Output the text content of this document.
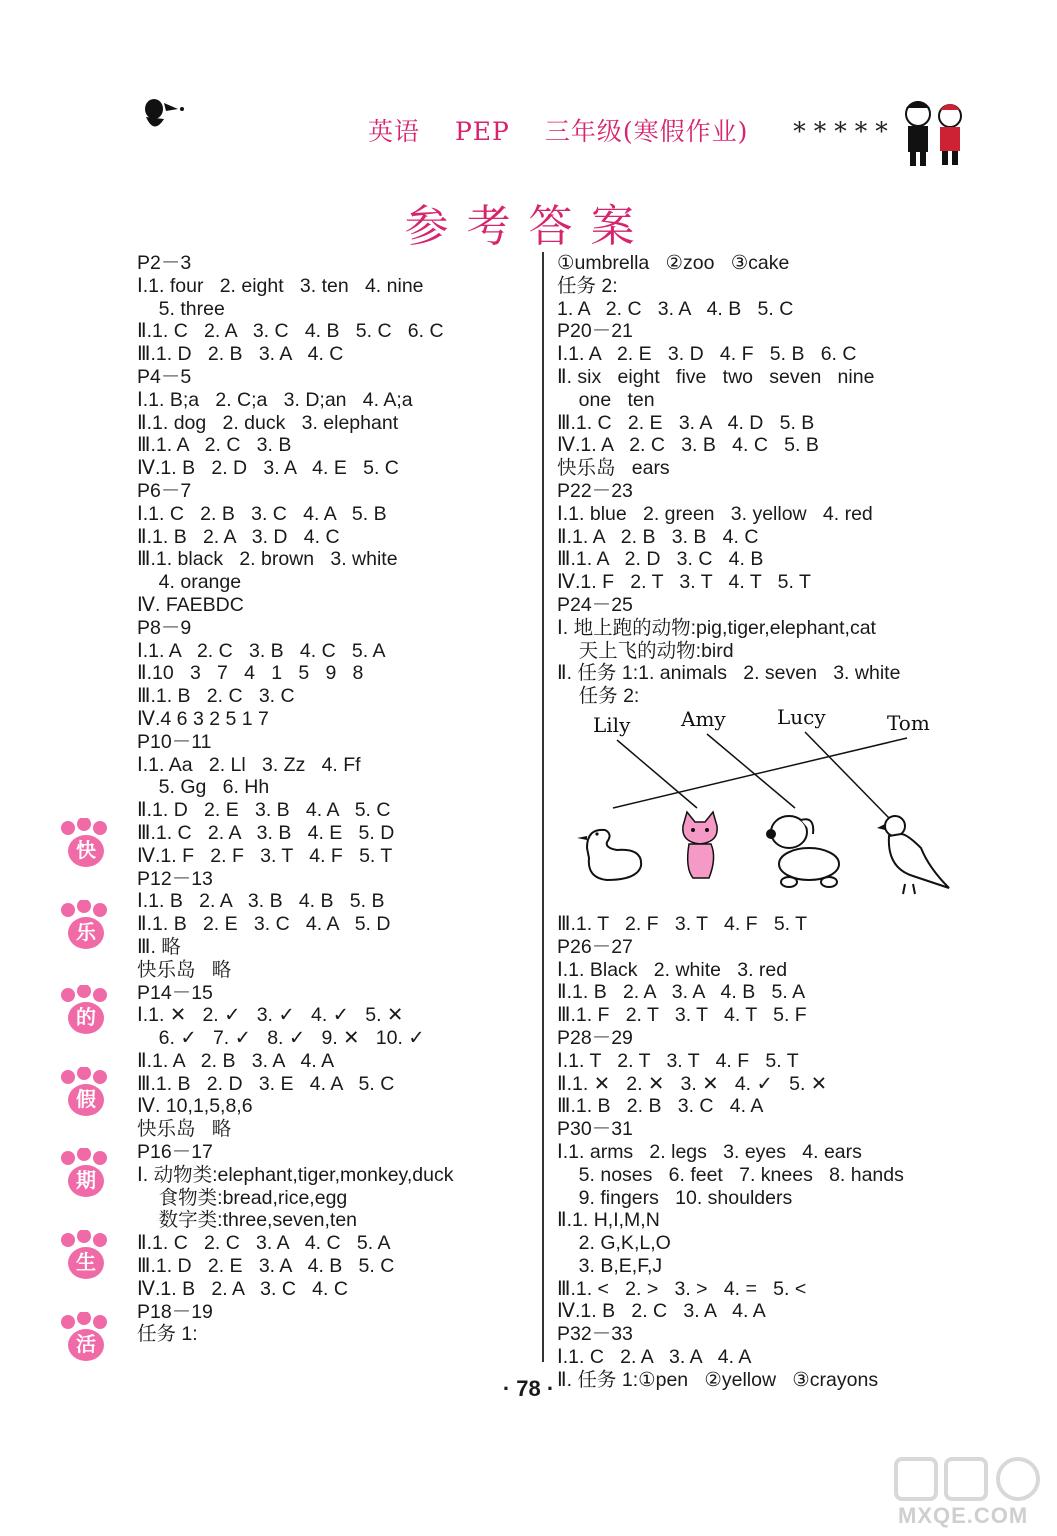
英语 PEP 三年级(寒假作业) *****
参考答案
P2－3
Ⅰ.1. four   2. eight   3. ten   4. nine
5. three
Ⅱ.1. C   2. A   3. C   4. B   5. C   6. C
Ⅲ.1. D   2. B   3. A   4. C
P4－5
Ⅰ.1. B;a   2. C;a   3. D;an   4. A;a
Ⅱ.1. dog   2. duck   3. elephant
Ⅲ.1. A   2. C   3. B
Ⅳ.1. B   2. D   3. A   4. E   5. C
P6－7
Ⅰ.1. C   2. B   3. C   4. A   5. B
Ⅱ.1. B   2. A   3. D   4. C
Ⅲ.1. black   2. brown   3. white
4. orange
Ⅳ. FAEBDC
P8－9
Ⅰ.1. A   2. C   3. B   4. C   5. A
Ⅱ.10   3   7   4   1   5   9   8
Ⅲ.1. B   2. C   3. C
Ⅳ.4 6 3 2 5 1 7
P10－11
Ⅰ.1. Aa   2. Ll   3. Zz   4. Ff
5. Gg   6. Hh
Ⅱ.1. D   2. E   3. B   4. A   5. C
Ⅲ.1. C   2. A   3. B   4. E   5. D
Ⅳ.1. F   2. F   3. T   4. F   5. T
P12－13
Ⅰ.1. B   2. A   3. B   4. B   5. B
Ⅱ.1. B   2. E   3. C   4. A   5. D
Ⅲ. 略
快乐岛   略
P14－15
Ⅰ.1. ✕   2. ✓   3. ✓   4. ✓   5. ✕
6. ✓   7. ✓   8. ✓   9. ✕   10. ✓
Ⅱ.1. A   2. B   3. A   4. A
Ⅲ.1. B   2. D   3. E   4. A   5. C
Ⅳ. 10,1,5,8,6
快乐岛   略
P16－17
Ⅰ. 动物类:elephant,tiger,monkey,duck
食物类:bread,rice,egg
数字类:three,seven,ten
Ⅱ.1. C   2. C   3. A   4. C   5. A
Ⅲ.1. D   2. E   3. A   4. B   5. C
Ⅳ.1. B   2. A   3. C   4. C
P18－19
任务 1:
①umbrella   ②zoo   ③cake
任务 2:
1. A   2. C   3. A   4. B   5. C
P20－21
Ⅰ.1. A   2. E   3. D   4. F   5. B   6. C
Ⅱ. six   eight   five   two   seven   nine
one   ten
Ⅲ.1. C   2. E   3. A   4. D   5. B
Ⅳ.1. A   2. C   3. B   4. C   5. B
快乐岛   ears
P22－23
Ⅰ.1. blue   2. green   3. yellow   4. red
Ⅱ.1. A   2. B   3. B   4. C
Ⅲ.1. A   2. D   3. C   4. B
Ⅳ.1. F   2. T   3. T   4. T   5. T
P24－25
Ⅰ. 地上跑的动物:pig,tiger,elephant,cat
天上飞的动物:bird
Ⅱ. 任务 1:1. animals   2. seven   3. white
任务 2:
Lily	Amy	Lucy	Tom
Ⅲ.1. T   2. F   3. T   4. F   5. T
P26－27
Ⅰ.1. Black   2. white   3. red
Ⅱ.1. B   2. A   3. A   4. B   5. A
Ⅲ.1. F   2. T   3. T   4. T   5. F
P28－29
Ⅰ.1. T   2. T   3. T   4. F   5. T
Ⅱ.1. ✕   2. ✕   3. ✕   4. ✓   5. ✕
Ⅲ.1. B   2. B   3. C   4. A
P30－31
Ⅰ.1. arms   2. legs   3. eyes   4. ears
5. noses   6. feet   7. knees   8. hands
9. fingers   10. shoulders
Ⅱ.1. H,I,M,N
2. G,K,L,O
3. B,E,F,J
Ⅲ.1. <   2. >   3. >   4. =   5. <
Ⅳ.1. B   2. C   3. A   4. A
P32－33
Ⅰ.1. C   2. A   3. A   4. A
Ⅱ. 任务 1:①pen   ②yellow   ③crayons
快
乐
的
假
期
生
活
· 78 ·
MXQE.COM
